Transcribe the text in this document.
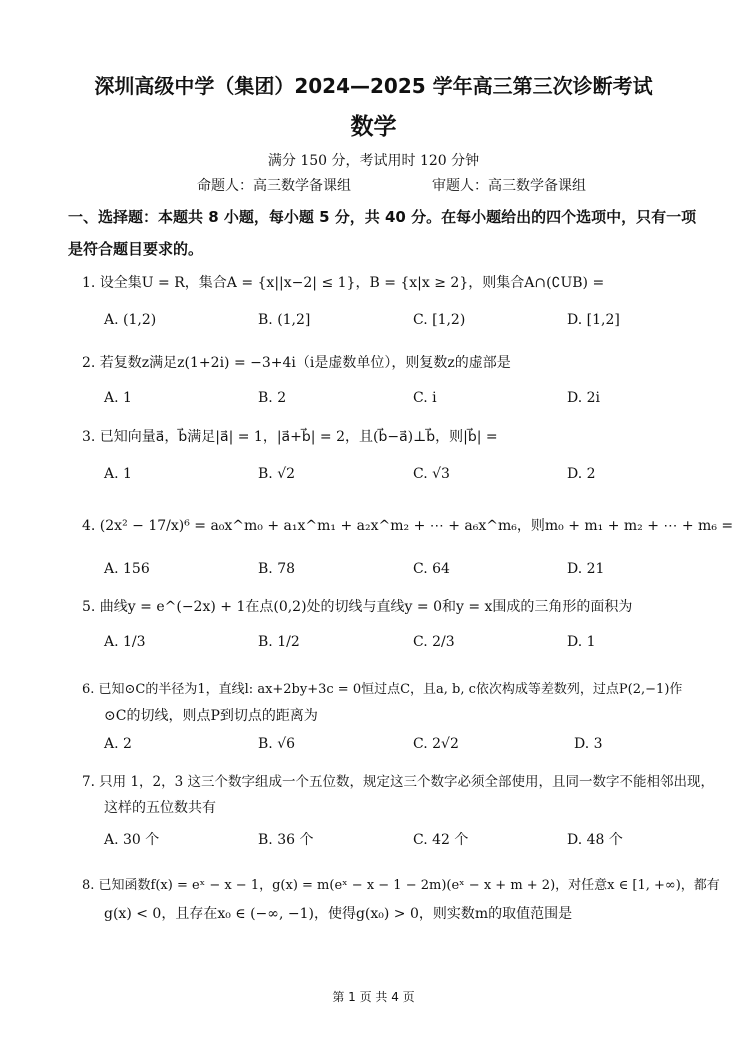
深圳高级中学（集团）2024—2025 学年高三第三次诊断考试
数学
满分 150 分，考试用时 120 分钟
命题人：高三数学备课组	审题人：高三数学备课组
一、选择题：本题共 8 小题，每小题 5 分，共 40 分。在每小题给出的四个选项中，只有一项
是符合题目要求的。
1. 设全集U = R，集合A = {x||x−2| ≤ 1}，B = {x|x ≥ 2}，则集合A∩(∁UB) =
A. (1,2)	B. (1,2]	C. [1,2)	D. [1,2]
2. 若复数z满足z(1+2i) = −3+4i（i是虚数单位），则复数z的虚部是
A. 1	B. 2	C. i	D. 2i
3. 已知向量a⃗，b⃗满足|a⃗| = 1，|a⃗+b⃗| = 2，且(b⃗−a⃗)⊥b⃗，则|b⃗| =
A. 1	B. √2	C. √3	D. 2
4. (2x² − 17/x)⁶ = a₀x^m₀ + a₁x^m₁ + a₂x^m₂ + ⋯ + a₆x^m₆，则m₀ + m₁ + m₂ + ⋯ + m₆ =
A. 156	B. 78	C. 64	D. 21
5. 曲线y = e^(−2x) + 1在点(0,2)处的切线与直线y = 0和y = x围成的三角形的面积为
A. 1/3	B. 1/2	C. 2/3	D. 1
6. 已知⊙C的半径为1，直线l: ax+2by+3c = 0恒过点C，且a, b, c依次构成等差数列，过点P(2,−1)作
⊙C的切线，则点P到切点的距离为
A. 2	B. √6	C. 2√2	D. 3
7. 只用 1，2，3 这三个数字组成一个五位数，规定这三个数字必须全部使用，且同一数字不能相邻出现，
这样的五位数共有
A. 30 个	B. 36 个	C. 42 个	D. 48 个
8. 已知函数f(x) = eˣ − x − 1，g(x) = m(eˣ − x − 1 − 2m)(eˣ − x + m + 2)，对任意x ∈ [1, +∞)，都有
g(x) < 0，且存在x₀ ∈ (−∞, −1)，使得g(x₀) > 0，则实数m的取值范围是
第 1 页 共 4 页
